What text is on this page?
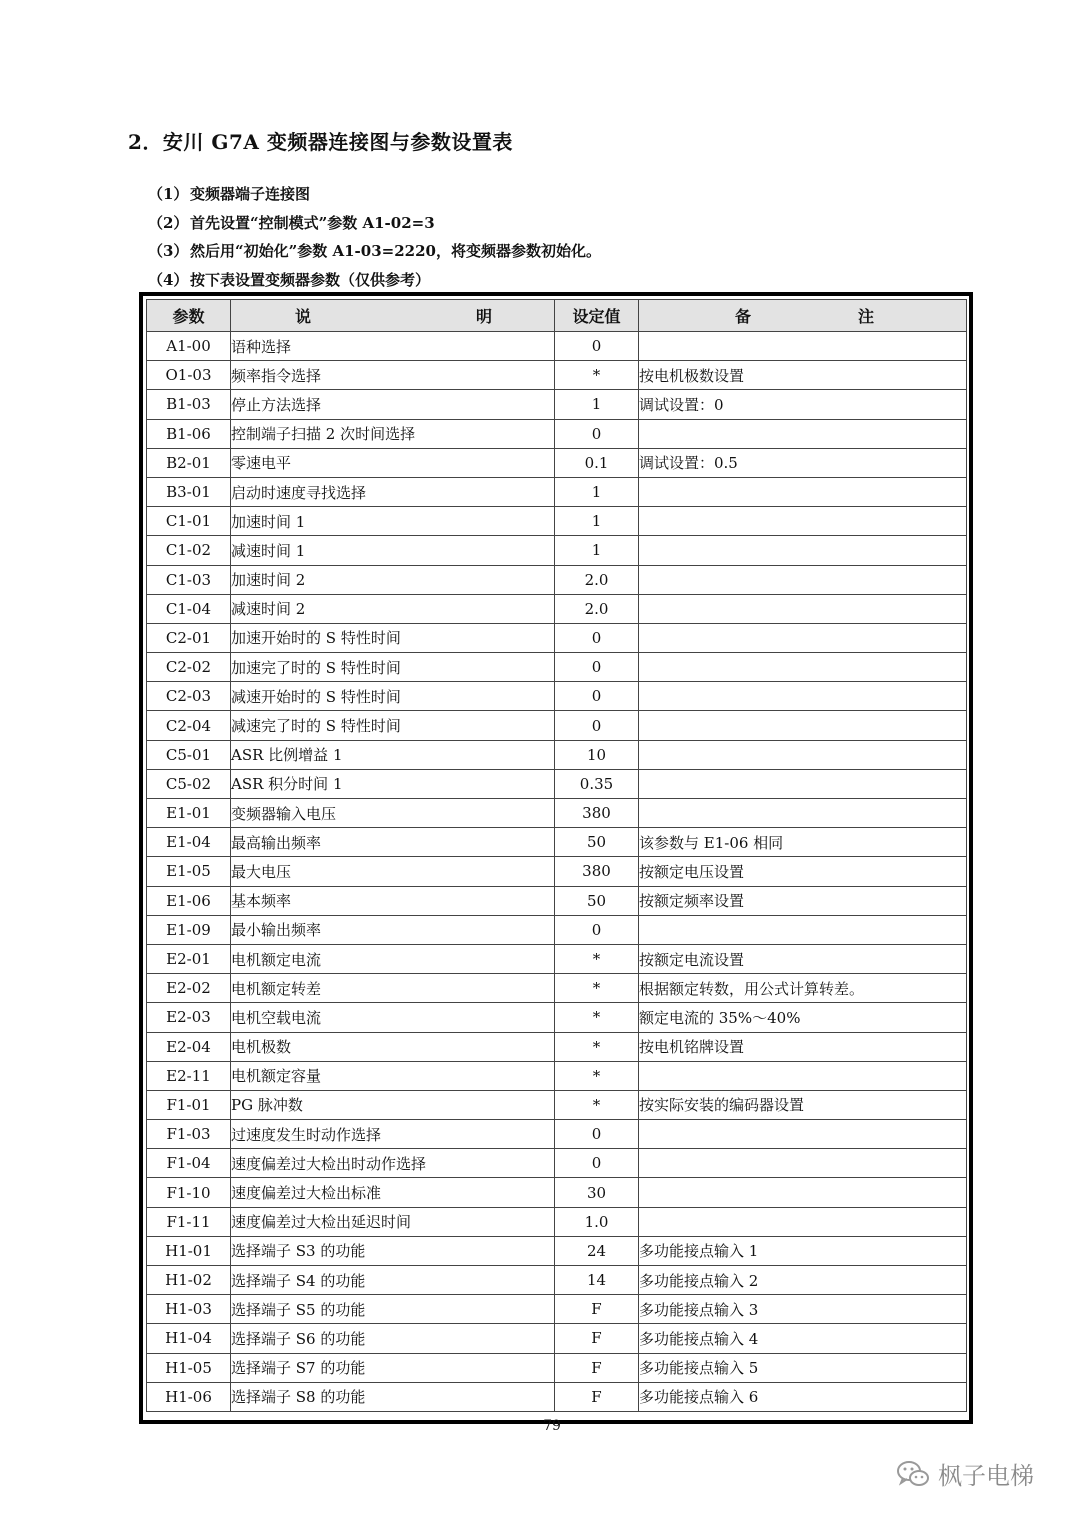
2．安川 G7A 变频器连接图与参数设置表
（1） 变频器端子连接图
（2） 首先设置“控制模式”参数 A1-02=3
（3） 然后用“初始化”参数 A1-03=2220，将变频器参数初始化。
（4） 按下表设置变频器参数（仅供参考）
参数	说 明	设定值	备 注

A1-00	语种选择	0	
O1-03	频率指令选择	*	按电机极数设置
B1-03	停止方法选择	1	调试设置：0
B1-06	控制端子扫描 2 次时间选择	0	
B2-01	零速电平	0.1	调试设置：0.5
B3-01	启动时速度寻找选择	1	
C1-01	加速时间 1	1	
C1-02	减速时间 1	1	
C1-03	加速时间 2	2.0	
C1-04	减速时间 2	2.0	
C2-01	加速开始时的 S 特性时间	0	
C2-02	加速完了时的 S 特性时间	0	
C2-03	减速开始时的 S 特性时间	0	
C2-04	减速完了时的 S 特性时间	0	
C5-01	ASR 比例增益 1	10	
C5-02	ASR 积分时间 1	0.35	
E1-01	变频器输入电压	380	
E1-04	最高输出频率	50	该参数与 E1-06 相同
E1-05	最大电压	380	按额定电压设置
E1-06	基本频率	50	按额定频率设置
E1-09	最小输出频率	0	
E2-01	电机额定电流	*	按额定电流设置
E2-02	电机额定转差	*	根据额定转数，用公式计算转差。
E2-03	电机空载电流	*	额定电流的 35%～40%
E2-04	电机极数	*	按电机铭牌设置
E2-11	电机额定容量	*	
F1-01	PG 脉冲数	*	按实际安装的编码器设置
F1-03	过速度发生时动作选择	0	
F1-04	速度偏差过大检出时动作选择	0	
F1-10	速度偏差过大检出标准	30	
F1-11	速度偏差过大检出延迟时间	1.0	
H1-01	选择端子 S3 的功能	24	多功能接点输入 1
H1-02	选择端子 S4 的功能	14	多功能接点输入 2
H1-03	选择端子 S5 的功能	F	多功能接点输入 3
H1-04	选择端子 S6 的功能	F	多功能接点输入 4
H1-05	选择端子 S7 的功能	F	多功能接点输入 5
H1-06	选择端子 S8 的功能	F	多功能接点输入 6
79
枫子电梯
